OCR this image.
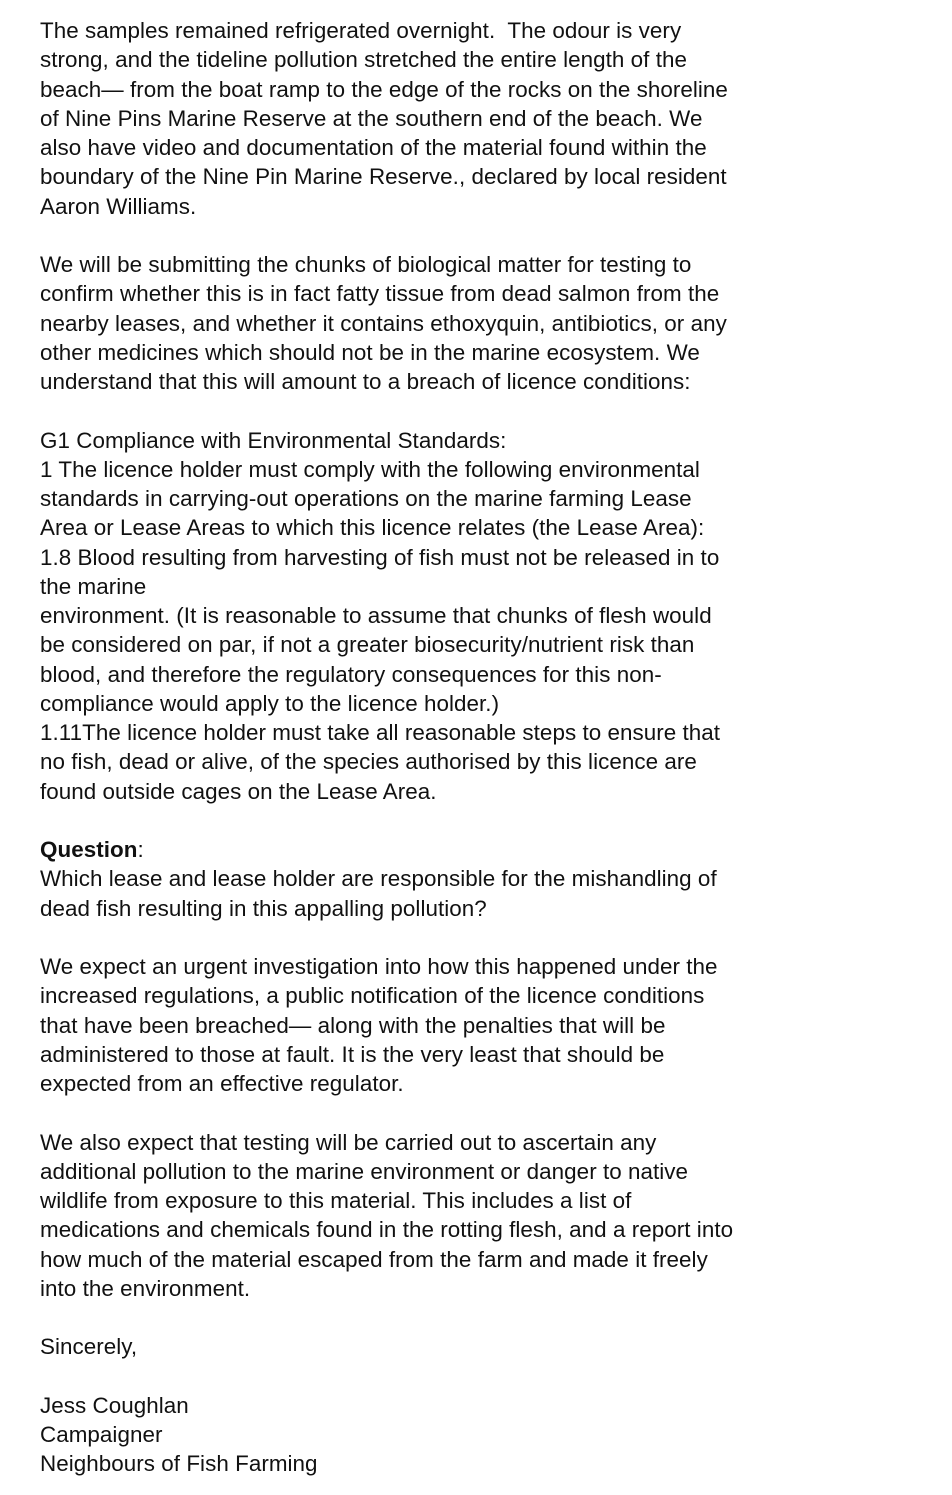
The samples remained refrigerated overnight.  The odour is very
strong, and the tideline pollution stretched the entire length of the
beach— from the boat ramp to the edge of the rocks on the shoreline
of Nine Pins Marine Reserve at the southern end of the beach. We
also have video and documentation of the material found within the
boundary of the Nine Pin Marine Reserve., declared by local resident
Aaron Williams.
We will be submitting the chunks of biological matter for testing to
confirm whether this is in fact fatty tissue from dead salmon from the
nearby leases, and whether it contains ethoxyquin, antibiotics, or any
other medicines which should not be in the marine ecosystem. We
understand that this will amount to a breach of licence conditions:
G1 Compliance with Environmental Standards:
1 The licence holder must comply with the following environmental
standards in carrying-out operations on the marine farming Lease
Area or Lease Areas to which this licence relates (the Lease Area):
1.8 Blood resulting from harvesting of fish must not be released in to
the marine
environment. (It is reasonable to assume that chunks of flesh would
be considered on par, if not a greater biosecurity/nutrient risk than
blood, and therefore the regulatory consequences for this non-
compliance would apply to the licence holder.)
1.11The licence holder must take all reasonable steps to ensure that
no fish, dead or alive, of the species authorised by this licence are
found outside cages on the Lease Area.
Question:
Which lease and lease holder are responsible for the mishandling of
dead fish resulting in this appalling pollution?
We expect an urgent investigation into how this happened under the
increased regulations, a public notification of the licence conditions
that have been breached— along with the penalties that will be
administered to those at fault. It is the very least that should be
expected from an effective regulator.
We also expect that testing will be carried out to ascertain any
additional pollution to the marine environment or danger to native
wildlife from exposure to this material. This includes a list of
medications and chemicals found in the rotting flesh, and a report into
how much of the material escaped from the farm and made it freely
into the environment.
Sincerely,
Jess Coughlan
Campaigner
Neighbours of Fish Farming
